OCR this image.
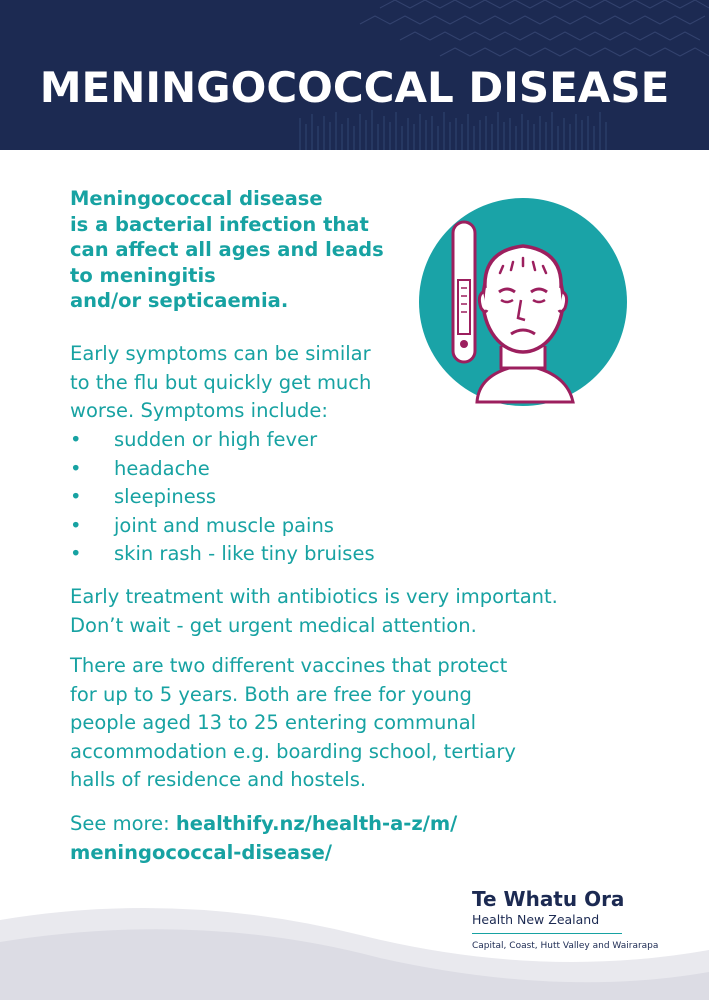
MENINGOCOCCAL DISEASE
Meningococcal disease
is a bacterial infection that
can affect all ages and leads
to meningitis
and/or septicaemia.
Early symptoms can be similar
to the flu but quickly get much
worse. Symptoms include:
• sudden or high fever
• headache
• sleepiness
• joint and muscle pains
• skin rash - like tiny bruises
Early treatment with antibiotics is very important.
Don’t wait - get urgent medical attention.
There are two different vaccines that protect
for up to 5 years. Both are free for young
people aged 13 to 25 entering communal
accommodation e.g. boarding school, tertiary
halls of residence and hostels.
See more: healthify.nz/health-a-z/m/
meningococcal-disease/
Te Whatu Ora
Health New Zealand
Capital, Coast, Hutt Valley and Wairarapa
